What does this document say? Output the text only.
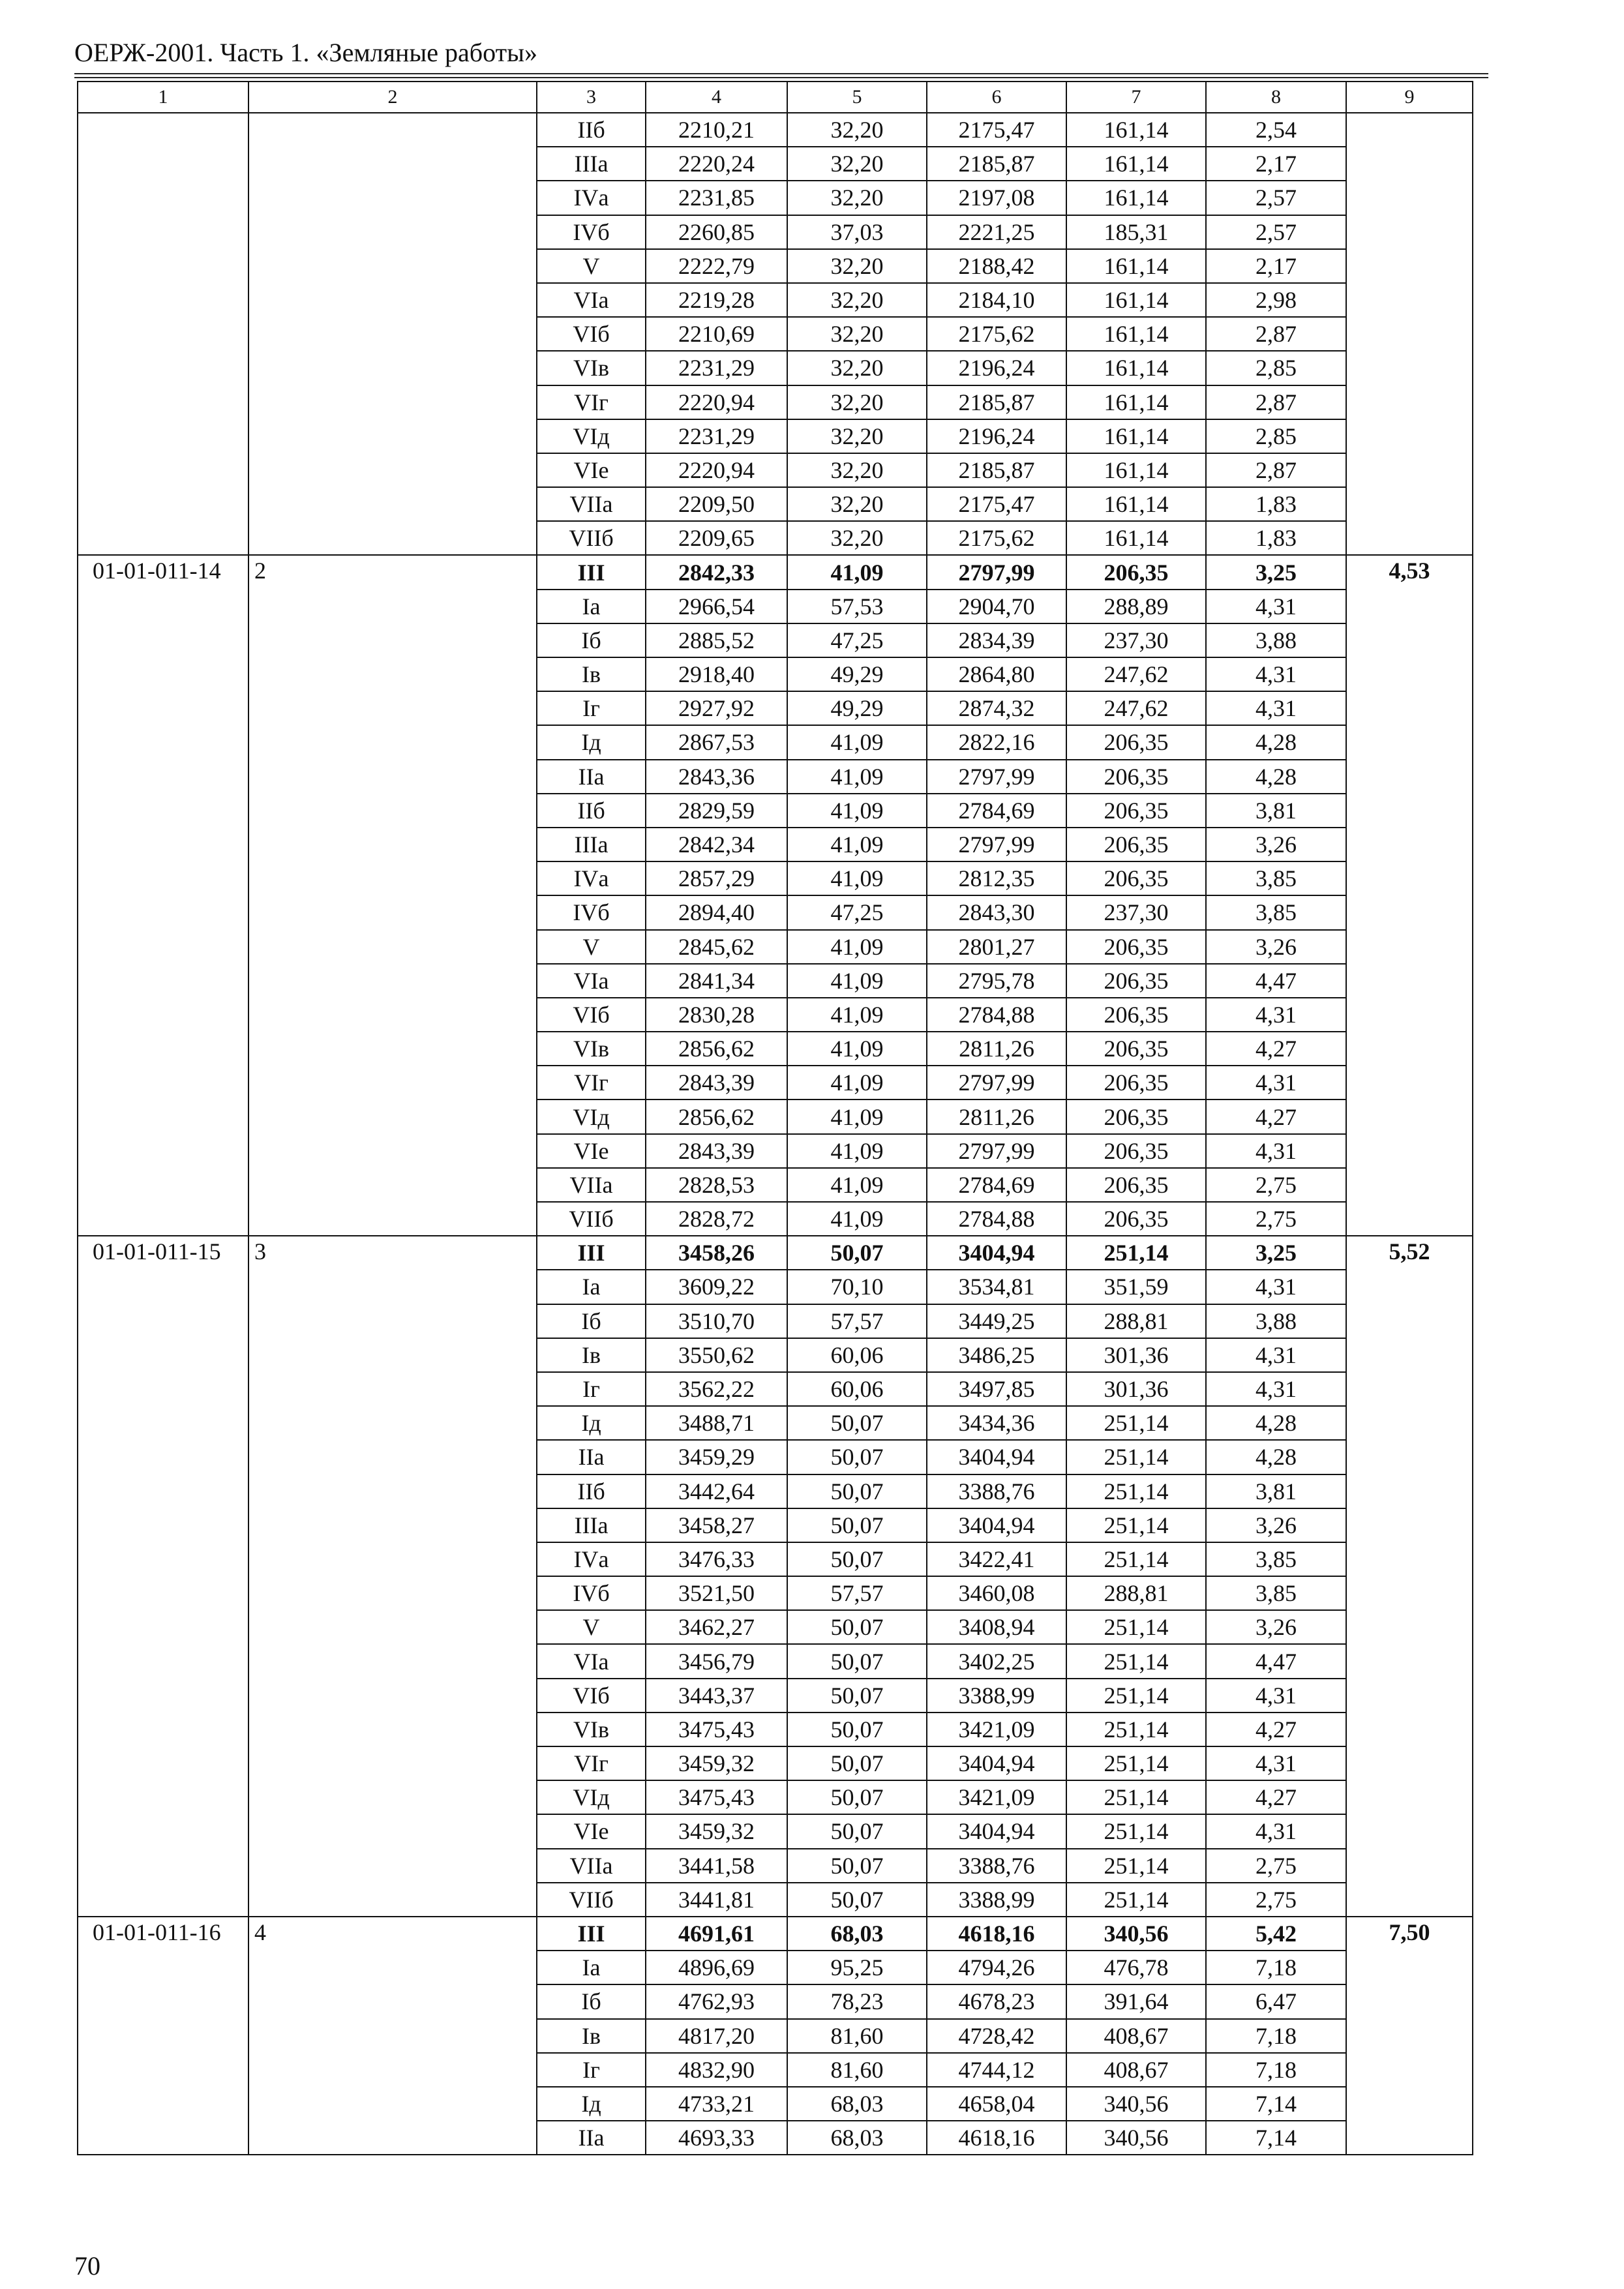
ОЕРЖ-2001. Часть 1. «Земляные работы»
1	2	3	4	5	6	7	8	9
		IIб	2210,21	32,20	2175,47	161,14	2,54	
		IIIа	2220,24	32,20	2185,87	161,14	2,17	
		IVа	2231,85	32,20	2197,08	161,14	2,57	
		IVб	2260,85	37,03	2221,25	185,31	2,57	
		V	2222,79	32,20	2188,42	161,14	2,17	
		VIа	2219,28	32,20	2184,10	161,14	2,98	
		VIб	2210,69	32,20	2175,62	161,14	2,87	
		VIв	2231,29	32,20	2196,24	161,14	2,85	
		VIг	2220,94	32,20	2185,87	161,14	2,87	
		VIд	2231,29	32,20	2196,24	161,14	2,85	
		VIе	2220,94	32,20	2185,87	161,14	2,87	
		VIIа	2209,50	32,20	2175,47	161,14	1,83	
		VIIб	2209,65	32,20	2175,62	161,14	1,83	
01-01-011-14	2	III	2842,33	41,09	2797,99	206,35	3,25	4,53
		Iа	2966,54	57,53	2904,70	288,89	4,31	
		Iб	2885,52	47,25	2834,39	237,30	3,88	
		Iв	2918,40	49,29	2864,80	247,62	4,31	
		Iг	2927,92	49,29	2874,32	247,62	4,31	
		Iд	2867,53	41,09	2822,16	206,35	4,28	
		IIа	2843,36	41,09	2797,99	206,35	4,28	
		IIб	2829,59	41,09	2784,69	206,35	3,81	
		IIIа	2842,34	41,09	2797,99	206,35	3,26	
		IVа	2857,29	41,09	2812,35	206,35	3,85	
		IVб	2894,40	47,25	2843,30	237,30	3,85	
		V	2845,62	41,09	2801,27	206,35	3,26	
		VIа	2841,34	41,09	2795,78	206,35	4,47	
		VIб	2830,28	41,09	2784,88	206,35	4,31	
		VIв	2856,62	41,09	2811,26	206,35	4,27	
		VIг	2843,39	41,09	2797,99	206,35	4,31	
		VIд	2856,62	41,09	2811,26	206,35	4,27	
		VIе	2843,39	41,09	2797,99	206,35	4,31	
		VIIа	2828,53	41,09	2784,69	206,35	2,75	
		VIIб	2828,72	41,09	2784,88	206,35	2,75	
01-01-011-15	3	III	3458,26	50,07	3404,94	251,14	3,25	5,52
		Iа	3609,22	70,10	3534,81	351,59	4,31	
		Iб	3510,70	57,57	3449,25	288,81	3,88	
		Iв	3550,62	60,06	3486,25	301,36	4,31	
		Iг	3562,22	60,06	3497,85	301,36	4,31	
		Iд	3488,71	50,07	3434,36	251,14	4,28	
		IIа	3459,29	50,07	3404,94	251,14	4,28	
		IIб	3442,64	50,07	3388,76	251,14	3,81	
		IIIа	3458,27	50,07	3404,94	251,14	3,26	
		IVа	3476,33	50,07	3422,41	251,14	3,85	
		IVб	3521,50	57,57	3460,08	288,81	3,85	
		V	3462,27	50,07	3408,94	251,14	3,26	
		VIа	3456,79	50,07	3402,25	251,14	4,47	
		VIб	3443,37	50,07	3388,99	251,14	4,31	
		VIв	3475,43	50,07	3421,09	251,14	4,27	
		VIг	3459,32	50,07	3404,94	251,14	4,31	
		VIд	3475,43	50,07	3421,09	251,14	4,27	
		VIе	3459,32	50,07	3404,94	251,14	4,31	
		VIIа	3441,58	50,07	3388,76	251,14	2,75	
		VIIб	3441,81	50,07	3388,99	251,14	2,75	
01-01-011-16	4	III	4691,61	68,03	4618,16	340,56	5,42	7,50
		Iа	4896,69	95,25	4794,26	476,78	7,18	
		Iб	4762,93	78,23	4678,23	391,64	6,47	
		Iв	4817,20	81,60	4728,42	408,67	7,18	
		Iг	4832,90	81,60	4744,12	408,67	7,18	
		Iд	4733,21	68,03	4658,04	340,56	7,14	
		IIа	4693,33	68,03	4618,16	340,56	7,14	
70
